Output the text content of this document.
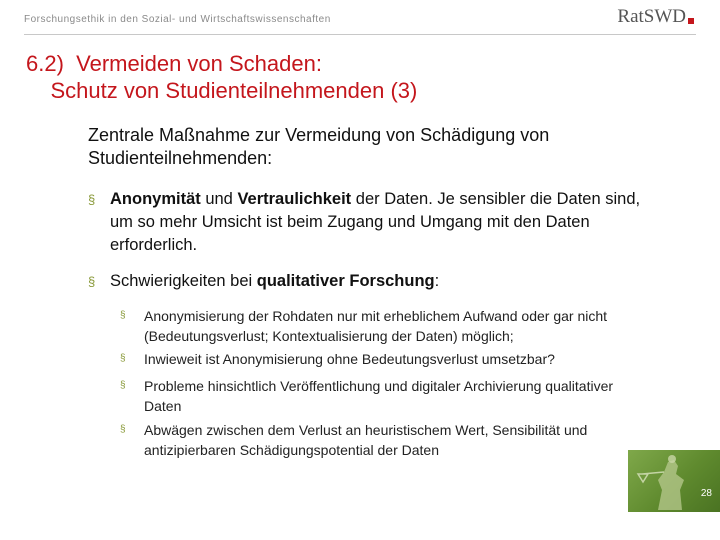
Forschungsethik in den Sozial- und Wirtschaftswissenschaften	RatSWD
6.2)  Vermeiden von Schaden:
Schutz von Studienteilnehmenden (3)
Zentrale Maßnahme zur Vermeidung von Schädigung von Studienteilnehmenden:
§ Anonymität und Vertraulichkeit der Daten. Je sensibler die Daten sind, um so mehr Umsicht ist beim Zugang und Umgang mit den Daten erforderlich.
§ Schwierigkeiten bei qualitativer Forschung:
§ Anonymisierung der Rohdaten nur mit erheblichem Aufwand oder gar nicht (Bedeutungsverlust; Kontextualisierung der Daten) möglich;
§ Inwieweit ist Anonymisierung ohne Bedeutungsverlust umsetzbar?
§ Probleme hinsichtlich Veröffentlichung und digitaler Archivierung qualitativer Daten
§ Abwägen zwischen dem Verlust an heuristischem Wert, Sensibilität und antizipierbaren Schädigungspotential der Daten
28
